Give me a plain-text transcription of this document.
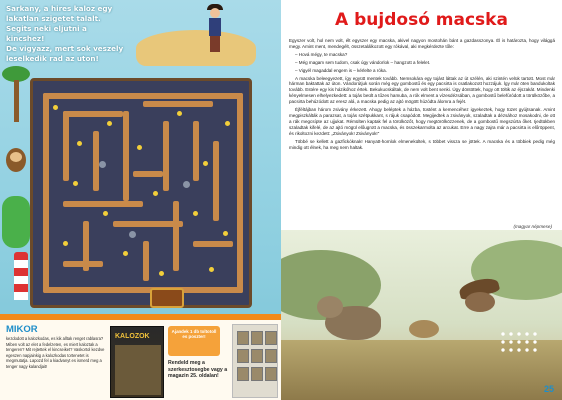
Sarkany, a hires kaloz egy
lakatlan szigetet talalt.
Segits neki eljutni a kincshez!
De vigyazz, mert sok veszely
leselkedik rad az uton!
MIKOR
kezdodott a kalozkodas, es kik alltak renget rablasra? Miben volt az elet a fedelzeten, es miert kaloztak a tengeren? Mit rejtettek el kincseiket? Vaskortol kezdve egeszen napjainkig a kalozkodas tortenetet is megmutatja. Lapozd fel a kiadvanyt es ismerd meg a tenger nagy kalandjait!
KALOZOK
Ajandek 1 db toltotoll es poszter!
Rendeld meg a szerkesztosegbe vagy a magazin 25. oldalan!
A bujdosó macska

Egyszer volt, hol nem volt, élt egyszer egy macska, akivel nagyon mostohán bánt a gazdasszonya. Él is határozta, hogy világgá megy. Amint ment, mendegélt, összetalálkozott egy rókával, aki megkérdezte tőle:

– Hová mégy, te macska?

– Még magam sem tudom, csak úgy vándorlok – hangzott a felelet.

– Vigyél magaddal engem is – kérlelte a róka.

A macska beleegyezett, így együtt mentek tovább. Nemsokára egy tojást láttak az út szélén, aki szintén velük tartott. Most már hárman baktattak az úton. Vándorútjuk során még egy gombostű és egy pacsirta is csatlakozott hozzájuk. Így már öten bandukoltak tovább. Estére egy kis házikóhoz értek. Bekukucskáltak, de nem volt bent senki. Úgy döntöttek, hogy ott töltik az éjszakát. Mindenki kényelmesen elhelyezkedett: a tojás beült a tűzes hamuba, a rók elment a vízesdézsában, a gombostű belefúródott a törülközőbe, a pacsirta behúzódott az eresz alá, a macska pedig az ajtó mögött húzódta álomra a fejét.

Éjféltájban három zsivány érkezett. Ahogy beléptek a házba, tüstént a kemencéhez igyekeztek, hogy tüzet gyújtsanak. Amint megpiszkálták a parazsat, a tojás szétpukkant, s rájuk csapódott. Megijedtek a zsiványok, szaladtak a dézsához mosakodni, de ott a rák megcsípte az ujjukat. Rémülten kaptak fel a törülközőt, hogy megtörölközzenek, de a gombostű megszúrta őket. Ijedtükben szaladtak kifelé, de az ajtó mögül előugrott a macska, és összekarmolta az arcukat. Erre a nagy zajra már a pacsirta is előröppent, és rikoltozni kezdett: „Zsiványok! Zsiványok!”

Többé se kellett a gazfickóknak! Hanyatt-homlok elmenekültek, s többet vissza se jöttek. A macska és a többiek pedig még mindig ott élnek, ha meg nem haltak.

(magyar népmese)
25
